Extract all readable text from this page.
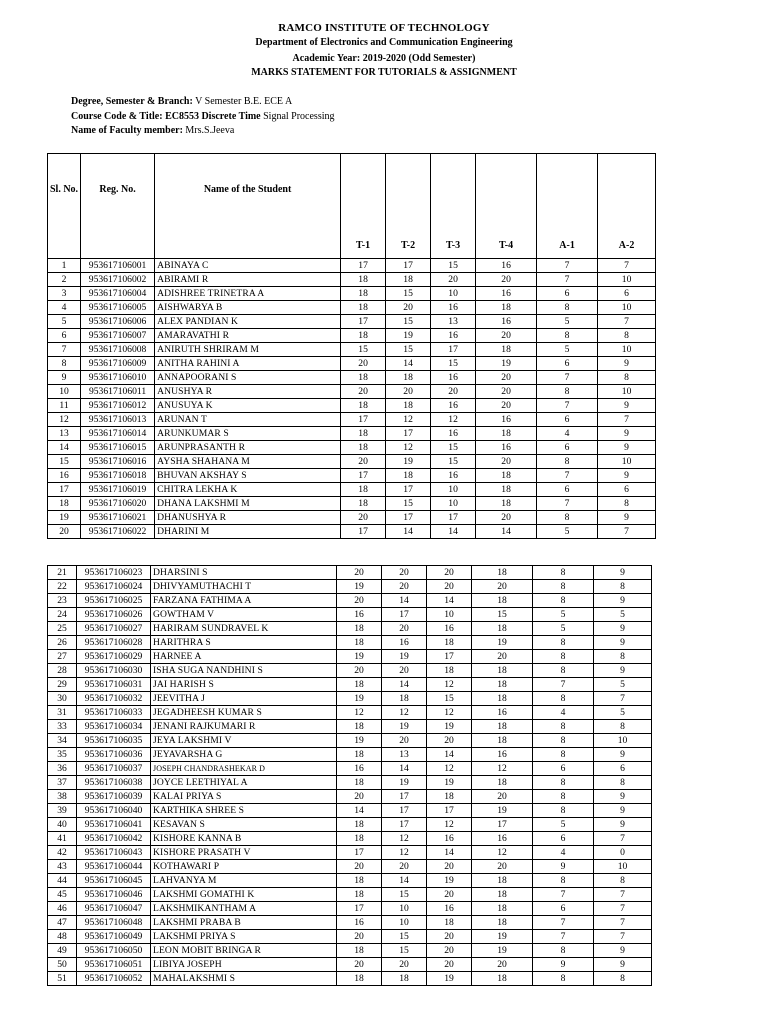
RAMCO INSTITUTE OF TECHNOLOGY
Department of Electronics and Communication Engineering
Academic Year: 2019-2020 (Odd Semester)
MARKS STATEMENT FOR TUTORIALS & ASSIGNMENT
Degree, Semester & Branch: V Semester B.E. ECE A
Course Code & Title: EC8553 Discrete Time Signal Processing
Name of Faculty member: Mrs.S.Jeeva
Sl. No.	Reg. No.	Name of the Student	T-1	T-2	T-3	T-4	A-1	A-2
1	953617106001	ABINAYA C	17	17	15	16	7	7
2	953617106002	ABIRAMI R	18	18	20	20	7	10
3	953617106004	ADISHREE TRINETRA A	18	15	10	16	6	6
4	953617106005	AISHWARYA B	18	20	16	18	8	10
5	953617106006	ALEX PANDIAN K	17	15	13	16	5	7
6	953617106007	AMARAVATHI R	18	19	16	20	8	8
7	953617106008	ANIRUTH SHRIRAM M	15	15	17	18	5	10
8	953617106009	ANITHA RAHINI A	20	14	15	19	6	9
9	953617106010	ANNAPOORANI S	18	18	16	20	7	8
10	953617106011	ANUSHYA R	20	20	20	20	8	10
11	953617106012	ANUSUYA K	18	18	16	20	7	9
12	953617106013	ARUNAN T	17	12	12	16	6	7
13	953617106014	ARUNKUMAR S	18	17	16	18	4	9
14	953617106015	ARUNPRASANTH R	18	12	15	16	6	9
15	953617106016	AYSHA SHAHANA M	20	19	15	20	8	10
16	953617106018	BHUVAN AKSHAY S	17	18	16	18	7	9
17	953617106019	CHITRA LEKHA K	18	17	10	18	6	6
18	953617106020	DHANA LAKSHMI M	18	15	10	18	7	8
19	953617106021	DHANUSHYA R	20	17	17	20	8	9
20	953617106022	DHARINI M	17	14	14	14	5	7
21	953617106023	DHARSINI S	20	20	20	18	8	9
22	953617106024	DHIVYAMUTHACHI T	19	20	20	20	8	8
23	953617106025	FARZANA FATHIMA A	20	14	14	18	8	9
24	953617106026	GOWTHAM V	16	17	10	15	5	5
25	953617106027	HARIRAM SUNDRAVEL K	18	20	16	18	5	9
26	953617106028	HARITHRA S	18	16	18	19	8	9
27	953617106029	HARNEE A	19	19	17	20	8	8
28	953617106030	ISHA SUGA NANDHINI S	20	20	18	18	8	9
29	953617106031	JAI HARISH S	18	14	12	18	7	5
30	953617106032	JEEVITHA J	19	18	15	18	8	7
31	953617106033	JEGADHEESH KUMAR S	12	12	12	16	4	5
33	953617106034	JENANI RAJKUMARI R	18	19	19	18	8	8
34	953617106035	JEYA LAKSHMI V	19	20	20	18	8	10
35	953617106036	JEYAVARSHA G	18	13	14	16	8	9
36	953617106037	JOSEPH CHANDRASHEKAR D	16	14	12	12	6	6
37	953617106038	JOYCE LEETHIYAL A	18	19	19	18	8	8
38	953617106039	KALAI PRIYA S	20	17	18	20	8	9
39	953617106040	KARTHIKA SHREE S	14	17	17	19	8	9
40	953617106041	KESAVAN S	18	17	12	17	5	9
41	953617106042	KISHORE KANNA B	18	12	16	16	6	7
42	953617106043	KISHORE PRASATH V	17	12	14	12	4	0
43	953617106044	KOTHAWARI P	20	20	20	20	9	10
44	953617106045	LAHVANYA M	18	14	19	18	8	8
45	953617106046	LAKSHMI GOMATHI K	18	15	20	18	7	7
46	953617106047	LAKSHMIKANTHAM A	17	10	16	18	6	7
47	953617106048	LAKSHMI PRABA B	16	10	18	18	7	7
48	953617106049	LAKSHMI PRIYA S	20	15	20	19	7	7
49	953617106050	LEON MOBIT BRINGA R	18	15	20	19	8	9
50	953617106051	LIBIYA JOSEPH	20	20	20	20	9	9
51	953617106052	MAHALAKSHMI S	18	18	19	18	8	8
